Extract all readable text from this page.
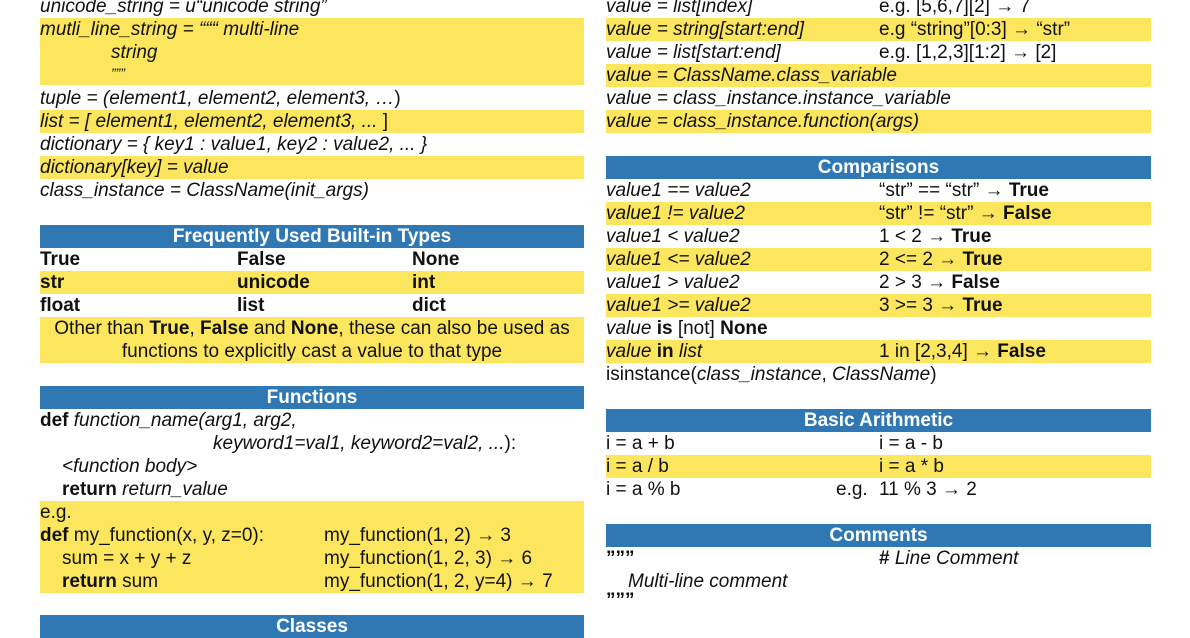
unicode_string = u“unicode string”
mutli_line_string = “““ multi-line
string
”””
tuple = (element1, element2, element3, …)
list = [ element1, element2, element3, ... ]
dictionary = { key1 : value1, key2 : value2, ... }
dictionary[key] = value
class_instance = ClassName(init_args)
Frequently Used Built-in Types
True	False	None
str	unicode	int
float	list	dict
Other than True, False and None, these can also be used as
functions to explicitly cast a value to that type
Functions
def function_name(arg1, arg2,
keyword1=val1, keyword2=val2, ...):
<function body>
return return_value
e.g.
def my_function(x, y, z=0):	my_function(1, 2) → 3
sum = x + y + z	my_function(1, 2, 3) → 6
return sum	my_function(1, 2, y=4) → 7
Classes
value = list[index]	e.g. [5,6,7][2] → 7
value = string[start:end]	e.g “string”[0:3] → “str”
value = list[start:end]	e.g. [1,2,3][1:2] → [2]
value = ClassName.class_variable
value = class_instance.instance_variable
value = class_instance.function(args)
Comparisons
value1 == value2	“str” == “str” → True
value1 != value2	“str” != “str” → False
value1 < value2	1 < 2 → True
value1 <= value2	2 <= 2 → True
value1 > value2	2 > 3 → False
value1 >= value2	3 >= 3 → True
value is [not] None
value in list	1 in [2,3,4] → False
isinstance(class_instance, ClassName)
Basic Arithmetic
i = a + b	i = a - b
i = a / b	i = a * b
i = a % b	e.g. 11 % 3 → 2
Comments
”””	# Line Comment
Multi-line comment
”””
